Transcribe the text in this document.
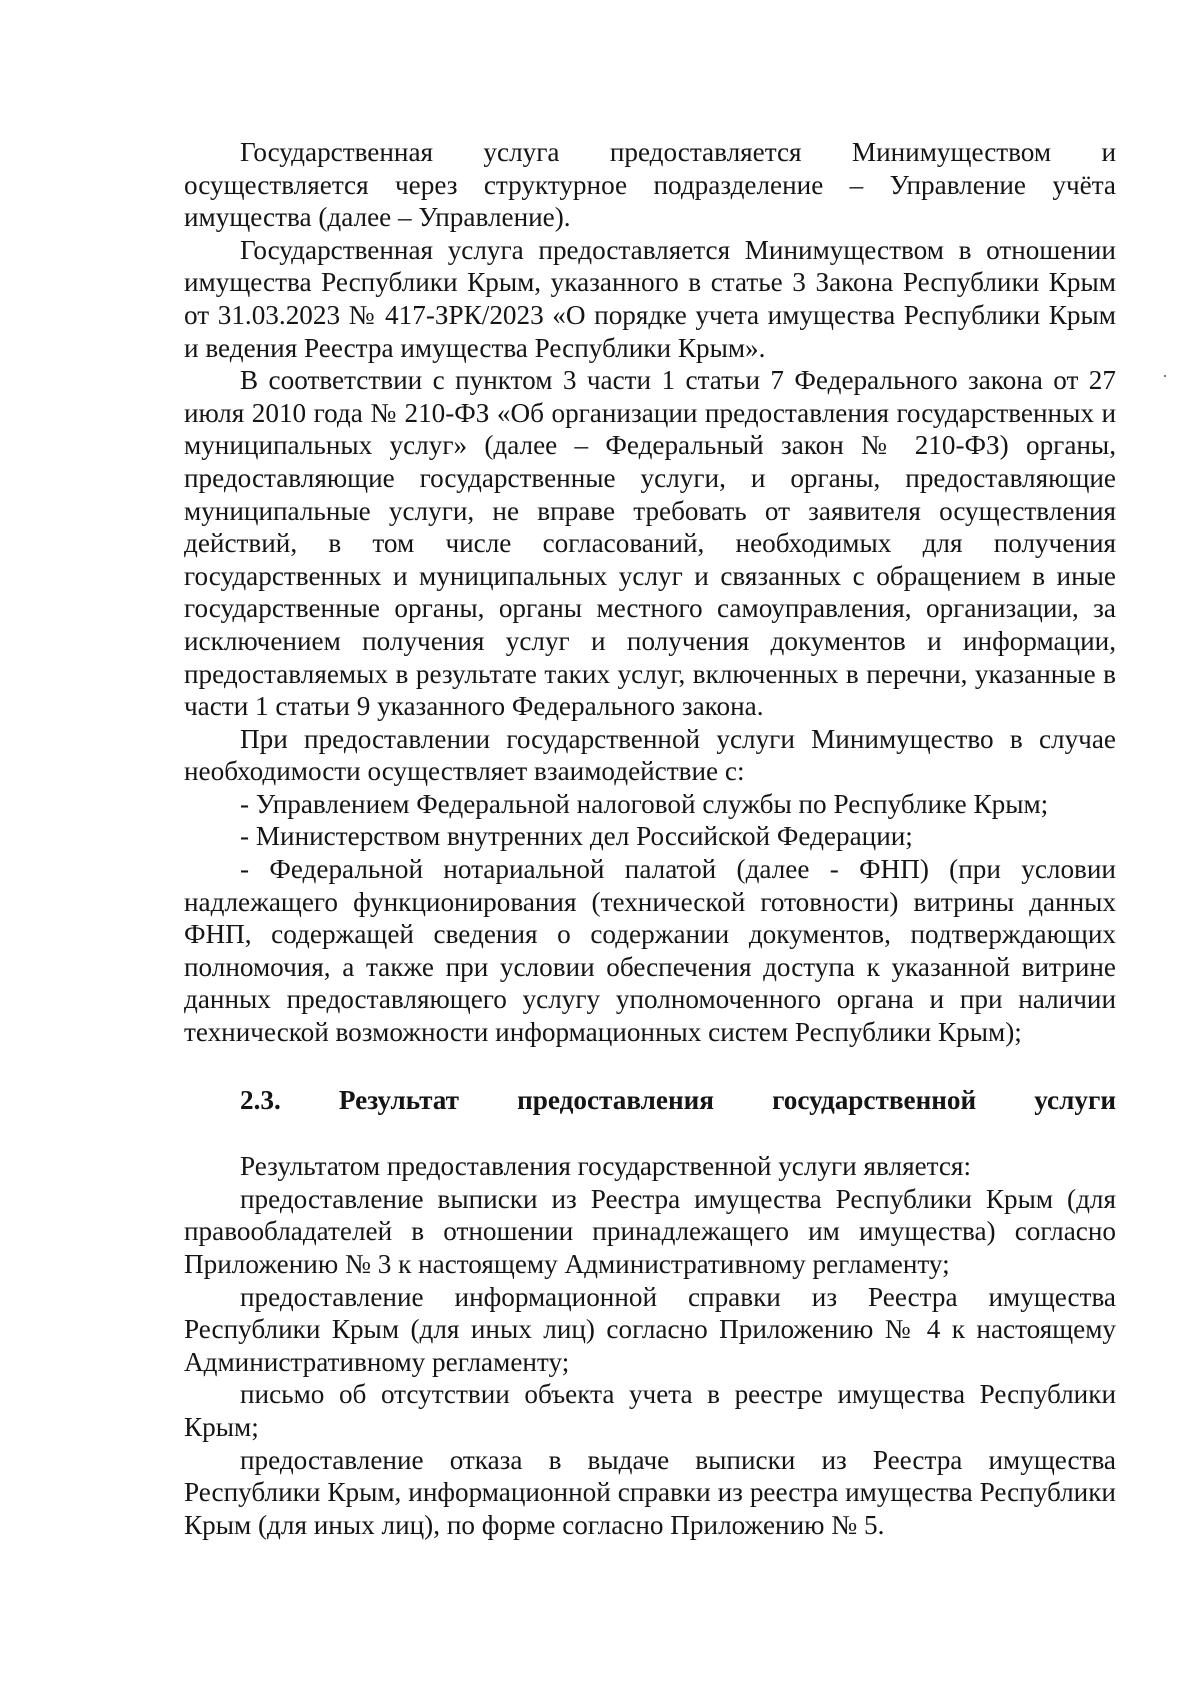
Государственная услуга предоставляется Минимуществом и осуществляется через структурное подразделение – Управление учёта имущества (далее – Управление).

Государственная услуга предоставляется Минимуществом в отношении имущества Республики Крым, указанного в статье 3 Закона Республики Крым от 31.03.2023 № 417-ЗРК/2023 «О порядке учета имущества Республики Крым и ведения Реестра имущества Республики Крым».

В соответствии с пунктом 3 части 1 статьи 7 Федерального закона от 27 июля 2010 года № 210-ФЗ «Об организации предоставления государственных и муниципальных услуг» (далее – Федеральный закон № 210-ФЗ) органы, предоставляющие государственные услуги, и органы, предоставляющие муниципальные услуги, не вправе требовать от заявителя осуществления действий, в том числе согласований, необходимых для получения государственных и муниципальных услуг и связанных с обращением в иные государственные органы, органы местного самоуправления, организации, за исключением получения услуг и получения документов и информации, предоставляемых в результате таких услуг, включенных в перечни, указанные в части 1 статьи 9 указанного Федерального закона.

При предоставлении государственной услуги Минимущество в случае необходимости осуществляет взаимодействие с:

- Управлением Федеральной налоговой службы по Республике Крым;

- Министерством внутренних дел Российской Федерации;

- Федеральной нотариальной палатой (далее - ФНП) (при условии надлежащего функционирования (технической готовности) витрины данных ФНП, содержащей сведения о содержании документов, подтверждающих полномочия, а также при условии обеспечения доступа к указанной витрине данных предоставляющего услугу уполномоченного органа и при наличии технической возможности информационных систем Республики Крым);

2.3. Результат предоставления государственной услуги

Результатом предоставления государственной услуги является:

предоставление выписки из Реестра имущества Республики Крым (для правообладателей в отношении принадлежащего им имущества) согласно Приложению № 3 к настоящему Административному регламенту;

предоставление информационной справки из Реестра имущества Республики Крым (для иных лиц) согласно Приложению № 4 к настоящему Административному регламенту;

письмо об отсутствии объекта учета в реестре имущества Республики Крым;

предоставление отказа в выдаче выписки из Реестра имущества Республики Крым, информационной справки из реестра имущества Республики Крым (для иных лиц), по форме согласно Приложению № 5.
